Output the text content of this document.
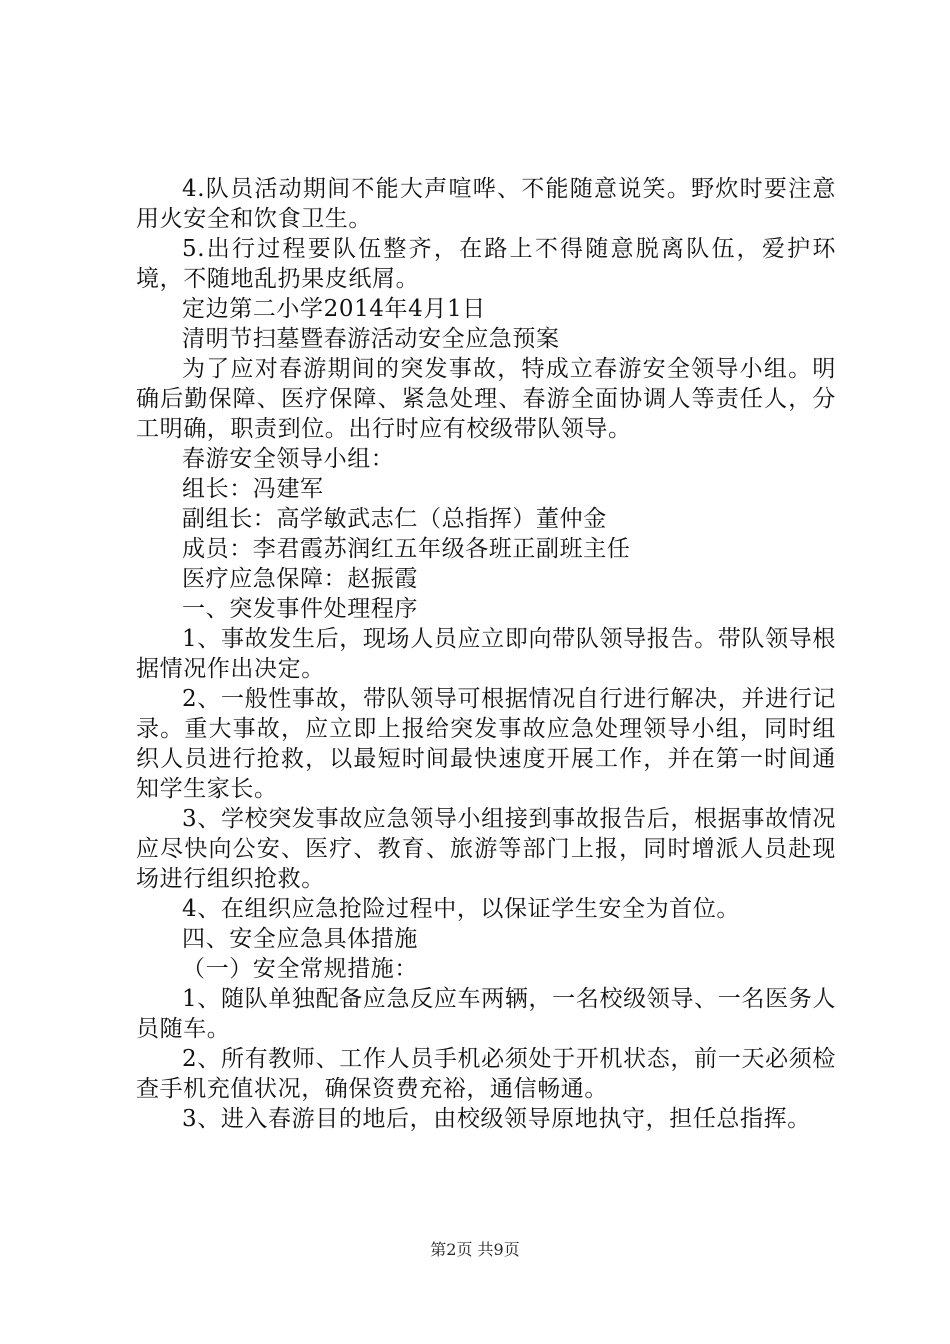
4.队员活动期间不能大声喧哗、不能随意说笑。野炊时要注意用火安全和饮食卫生。

5.出行过程要队伍整齐，在路上不得随意脱离队伍，爱护环境，不随地乱扔果皮纸屑。

定边第二小学2014年4月1日

清明节扫墓暨春游活动安全应急预案

为了应对春游期间的突发事故，特成立春游安全领导小组。明确后勤保障、医疗保障、紧急处理、春游全面协调人等责任人，分工明确，职责到位。出行时应有校级带队领导。

春游安全领导小组：

组长：冯建军

副组长：高学敏武志仁（总指挥）董仲金

成员：李君霞苏润红五年级各班正副班主任

医疗应急保障：赵振霞

一、突发事件处理程序

1、事故发生后，现场人员应立即向带队领导报告。带队领导根据情况作出决定。

2、一般性事故，带队领导可根据情况自行进行解决，并进行记录。重大事故，应立即上报给突发事故应急处理领导小组，同时组织人员进行抢救，以最短时间最快速度开展工作，并在第一时间通知学生家长。

3、学校突发事故应急领导小组接到事故报告后，根据事故情况应尽快向公安、医疗、教育、旅游等部门上报，同时增派人员赴现场进行组织抢救。

4、在组织应急抢险过程中，以保证学生安全为首位。

四、安全应急具体措施

（一）安全常规措施：

1、随队单独配备应急反应车两辆，一名校级领导、一名医务人员随车。

2、所有教师、工作人员手机必须处于开机状态，前一天必须检查手机充值状况，确保资费充裕，通信畅通。

3、进入春游目的地后，由校级领导原地执守，担任总指挥。

第2页 共9页
